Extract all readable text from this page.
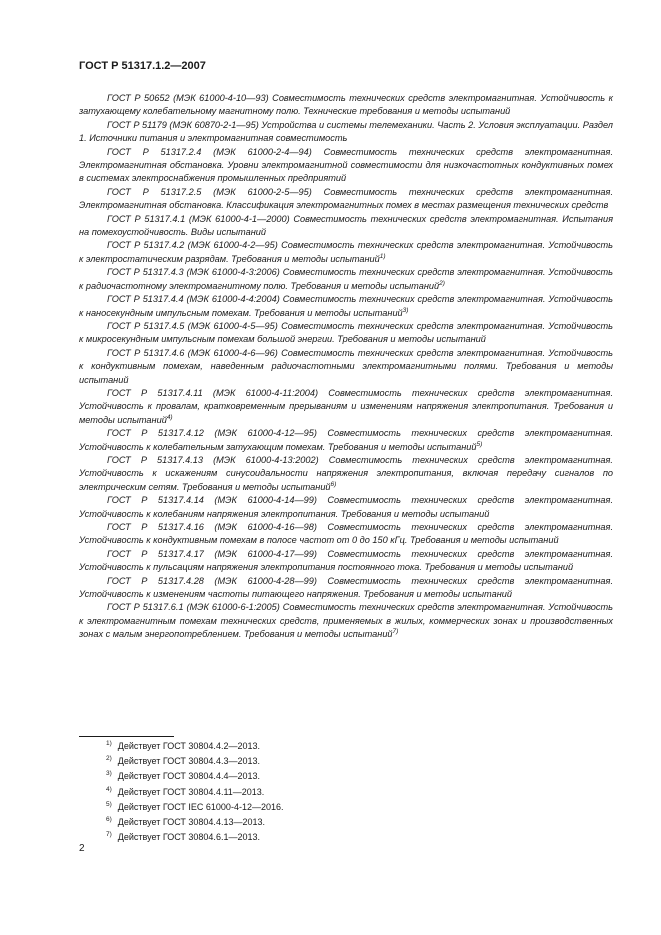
ГОСТ Р 51317.1.2—2007

ГОСТ Р 50652 (МЭК 61000-4-10—93) Совместимость технических средств электромагнитная. Устойчивость к затухающему колебательному магнитному полю. Технические требования и методы испытаний

ГОСТ Р 51179 (МЭК 60870-2-1—95) Устройства и системы телемеханики. Часть 2. Условия эксплуатации. Раздел 1. Источники питания и электромагнитная совместимость

ГОСТ Р 51317.2.4 (МЭК 61000-2-4—94) Совместимость технических средств электромагнитная. Электромагнитная обстановка. Уровни электромагнитной совместимости для низкочастотных кондуктивных помех в системах электроснабжения промышленных предприятий

ГОСТ Р 51317.2.5 (МЭК 61000-2-5—95) Совместимость технических средств электромагнитная. Электромагнитная обстановка. Классификация электромагнитных помех в местах размещения технических средств

ГОСТ Р 51317.4.1 (МЭК 61000-4-1—2000) Совместимость технических средств электромагнитная. Испытания на помехоустойчивость. Виды испытаний

ГОСТ Р 51317.4.2 (МЭК 61000-4-2—95) Совместимость технических средств электромагнитная. Устойчивость к электростатическим разрядам. Требования и методы испытаний$^{1)}$

ГОСТ Р 51317.4.3 (МЭК 61000-4-3:2006) Совместимость технических средств электромагнитная. Устойчивость к радиочастотному электромагнитному полю. Требования и методы испытаний$^{2)}$

ГОСТ Р 51317.4.4 (МЭК 61000-4-4:2004) Совместимость технических средств электромагнитная. Устойчивость к наносекундным импульсным помехам. Требования и методы испытаний$^{3)}$

ГОСТ Р 51317.4.5 (МЭК 61000-4-5—95) Совместимость технических средств электромагнитная. Устойчивость к микросекундным импульсным помехам большой энергии. Требования и методы испытаний

ГОСТ Р 51317.4.6 (МЭК 61000-4-6—96) Совместимость технических средств электромагнитная. Устойчивость к кондуктивным помехам, наведенным радиочастотными электромагнитными полями. Требования и методы испытаний

ГОСТ Р 51317.4.11 (МЭК 61000-4-11:2004) Совместимость технических средств электромагнитная. Устойчивость к провалам, кратковременным прерываниям и изменениям напряжения электропитания. Требования и методы испытаний$^{4)}$

ГОСТ Р 51317.4.12 (МЭК 61000-4-12—95) Совместимость технических средств электромагнитная. Устойчивость к колебательным затухающим помехам. Требования и методы испытаний$^{5)}$

ГОСТ Р 51317.4.13 (МЭК 61000-4-13:2002) Совместимость технических средств электромагнитная. Устойчивость к искажениям синусоидальности напряжения электропитания, включая передачу сигналов по электрическим сетям. Требования и методы испытаний$^{6)}$

ГОСТ Р 51317.4.14 (МЭК 61000-4-14—99) Совместимость технических средств электромагнитная. Устойчивость к колебаниям напряжения электропитания. Требования и методы испытаний

ГОСТ Р 51317.4.16 (МЭК 61000-4-16—98) Совместимость технических средств электромагнитная. Устойчивость к кондуктивным помехам в полосе частот от 0 до 150 кГц. Требования и методы испытаний

ГОСТ Р 51317.4.17 (МЭК 61000-4-17—99) Совместимость технических средств электромагнитная. Устойчивость к пульсациям напряжения электропитания постоянного тока. Требования и методы испытаний

ГОСТ Р 51317.4.28 (МЭК 61000-4-28—99) Совместимость технических средств электромагнитная. Устойчивость к изменениям частоты питающего напряжения. Требования и методы испытаний

ГОСТ Р 51317.6.1 (МЭК 61000-6-1:2005) Совместимость технических средств электромагнитная. Устойчивость к электромагнитным помехам технических средств, применяемых в жилых, коммерческих зонах и производственных зонах с малым энергопотреблением. Требования и методы испытаний$^{7)}$

$^{1)}$ Действует ГОСТ 30804.4.2—2013.

$^{2)}$ Действует ГОСТ 30804.4.3—2013.

$^{3)}$ Действует ГОСТ 30804.4.4—2013.

$^{4)}$ Действует ГОСТ 30804.4.11—2013.

$^{5)}$ Действует ГОСТ IEC 61000-4-12—2016.

$^{6)}$ Действует ГОСТ 30804.4.13—2013.

$^{7)}$ Действует ГОСТ 30804.6.1—2013.

2
